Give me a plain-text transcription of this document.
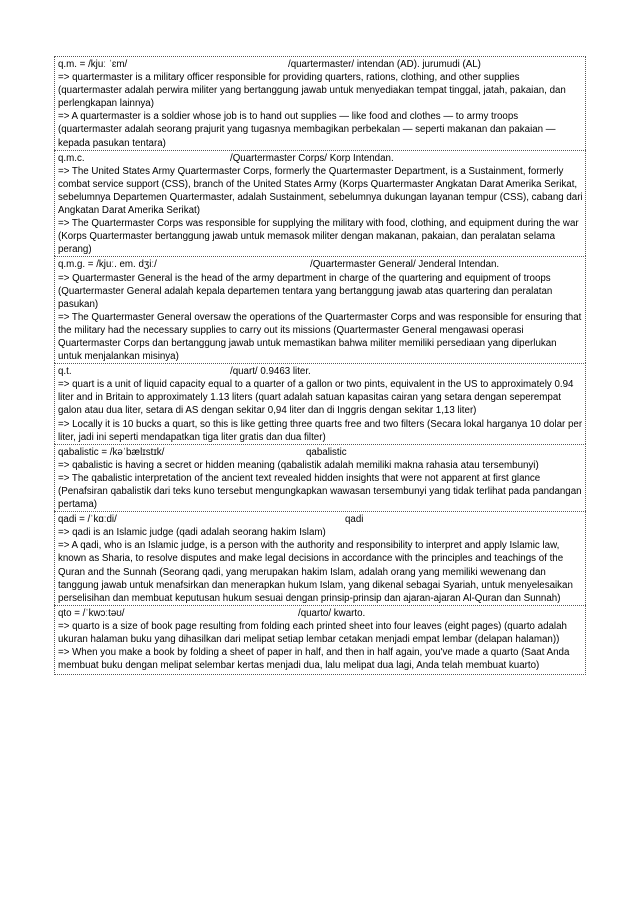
q.m. = /kjuː ˈɛm/	/quartermaster/ intendan (AD). jurumudi (AL)

=> quartermaster is a military officer responsible for providing quarters, rations, clothing, and other supplies (quartermaster adalah perwira militer yang bertanggung jawab untuk menyediakan tempat tinggal, jatah, pakaian, dan perlengkapan lainnya)

=> A quartermaster is a soldier whose job is to hand out supplies — like food and clothes — to army troops (quartermaster adalah seorang prajurit yang tugasnya membagikan perbekalan — seperti makanan dan pakaian — kepada pasukan tentara)

q.m.c.	/Quartermaster Corps/ Korp Intendan.

=> The United States Army Quartermaster Corps, formerly the Quartermaster Department, is a Sustainment, formerly combat service support (CSS), branch of the United States Army (Korps Quartermaster Angkatan Darat Amerika Serikat, sebelumnya Departemen Quartermaster, adalah Sustainment, sebelumnya dukungan layanan tempur (CSS), cabang dari Angkatan Darat Amerika Serikat)

=> The Quartermaster Corps was responsible for supplying the military with food, clothing, and equipment during the war (Korps Quartermaster bertanggung jawab untuk memasok militer dengan makanan, pakaian, dan peralatan selama perang)

q.m.g. = /kjuː. em. dʒiː/	/Quartermaster General/ Jenderal Intendan.

=> Quartermaster General is the head of the army department in charge of the quartering and equipment of troops (Quartermaster General adalah kepala departemen tentara yang bertanggung jawab atas quartering dan peralatan pasukan)

=> The Quartermaster General oversaw the operations of the Quartermaster Corps and was responsible for ensuring that the military had the necessary supplies to carry out its missions (Quartermaster General mengawasi operasi Quartermaster Corps dan bertanggung jawab untuk memastikan bahwa militer memiliki persediaan yang diperlukan untuk menjalankan misinya)

q.t.	/quart/ 0.9463 liter.

=> quart is a unit of liquid capacity equal to a quarter of a gallon or two pints, equivalent in the US to approximately 0.94 liter and in Britain to approximately 1.13 liters (quart adalah satuan kapasitas cairan yang setara dengan seperempat galon atau dua liter, setara di AS dengan sekitar 0,94 liter dan di Inggris dengan sekitar 1,13 liter)

=> Locally it is 10 bucks a quart, so this is like getting three quarts free and two filters (Secara lokal harganya 10 dolar per liter, jadi ini seperti mendapatkan tiga liter gratis dan dua filter)

qabalistic = /kəˈbælɪstɪk/	qabalistic

=> qabalistic is having a secret or hidden meaning (qabalistik adalah memiliki makna rahasia atau tersembunyi)

=> The qabalistic interpretation of the ancient text revealed hidden insights that were not apparent at first glance (Penafsiran qabalistik dari teks kuno tersebut mengungkapkan wawasan tersembunyi yang tidak terlihat pada pandangan pertama)

qadi = /ˈkɑːdi/	qadi

=> qadi is an Islamic judge (qadi adalah seorang hakim Islam)

=> A qadi, who is an Islamic judge, is a person with the authority and responsibility to interpret and apply Islamic law, known as Sharia, to resolve disputes and make legal decisions in accordance with the principles and teachings of the Quran and the Sunnah (Seorang qadi, yang merupakan hakim Islam, adalah orang yang memiliki wewenang dan tanggung jawab untuk menafsirkan dan menerapkan hukum Islam, yang dikenal sebagai Syariah, untuk menyelesaikan perselisihan dan membuat keputusan hukum sesuai dengan prinsip-prinsip dan ajaran-ajaran Al-Quran dan Sunnah)

qto = /ˈkwɔːtəʊ/	/quarto/ kwarto.

=> quarto is a size of book page resulting from folding each printed sheet into four leaves (eight pages) (quarto adalah ukuran halaman buku yang dihasilkan dari melipat setiap lembar cetakan menjadi empat lembar (delapan halaman))

=> When you make a book by folding a sheet of paper in half, and then in half again, you've made a quarto (Saat Anda membuat buku dengan melipat selembar kertas menjadi dua, lalu melipat dua lagi, Anda telah membuat kuarto)
